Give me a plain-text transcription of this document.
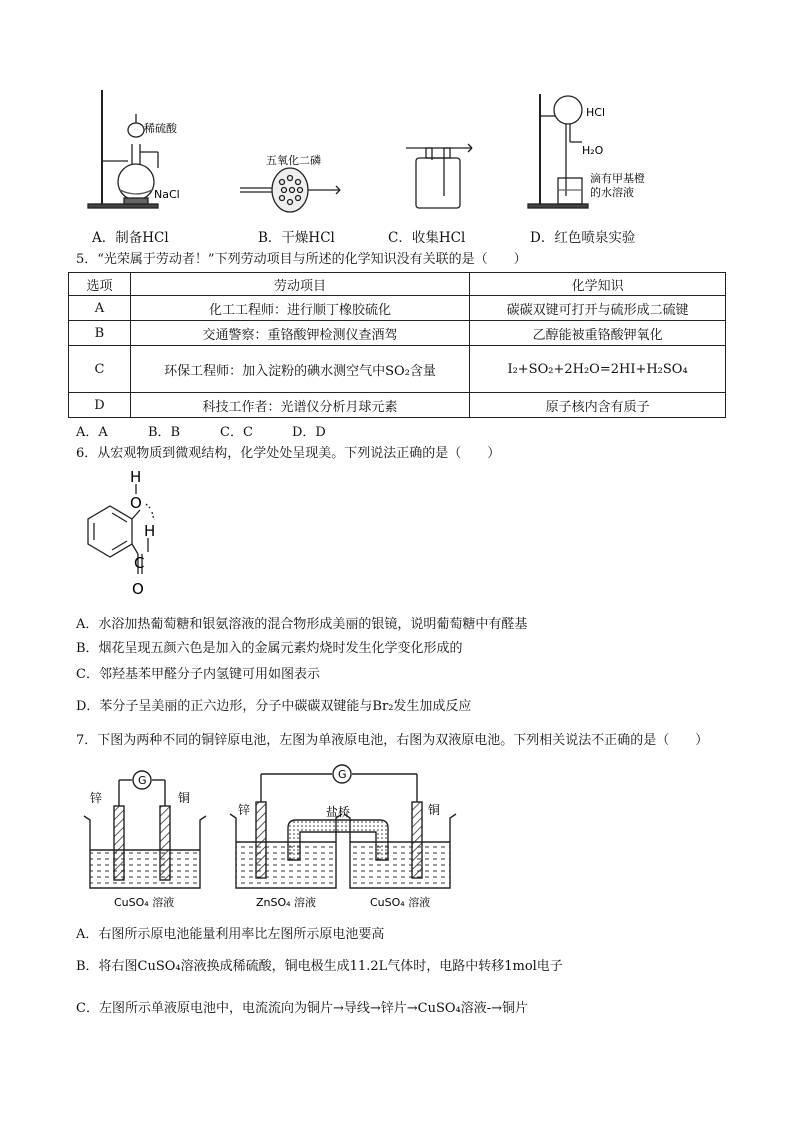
稀硫酸
NaCl
五氧化二磷
HCl
H₂O
滴有甲基橙
的水溶液
A．制备HCl	B．干燥HCl	C．收集HCl	D．红色喷泉实验
5．“光荣属于劳动者！”下列劳动项目与所述的化学知识没有关联的是（　　）
选项	劳动项目	化学知识
A	化工工程师：进行顺丁橡胶硫化	碳碳双键可打开与硫形成二硫键
B	交通警察：重铬酸钾检测仪查酒驾	乙醇能被重铬酸钾氧化
C	环保工程师：加入淀粉的碘水测空气中SO₂含量	I₂+SO₂+2H₂O=2HI+H₂SO₄
D	科技工作者：光谱仪分析月球元素	原子核内含有质子
A．A	B．B	C．C	D．D
6．从宏观物质到微观结构，化学处处呈现美。下列说法正确的是（　　）
H
O
H
C
O
A．水浴加热葡萄糖和银氨溶液的混合物形成美丽的银镜，说明葡萄糖中有醛基
B．烟花呈现五颜六色是加入的金属元素灼烧时发生化学变化形成的
C．邻羟基苯甲醛分子内氢键可用如图表示
D．苯分子呈美丽的正六边形，分子中碳碳双键能与Br₂发生加成反应
7．下图为两种不同的铜锌原电池，左图为单液原电池，右图为双液原电池。下列相关说法不正确的是（　　）
G
锌	铜
CuSO₄ 溶液
G
盐桥
锌	铜
ZnSO₄ 溶液	CuSO₄ 溶液
A．右图所示原电池能量利用率比左图所示原电池要高
B．将右图CuSO₄溶液换成稀硫酸，铜电极生成11.2L气体时，电路中转移1mol电子
C．左图所示单液原电池中，电流流向为铜片→导线→锌片→CuSO₄溶液-→铜片
